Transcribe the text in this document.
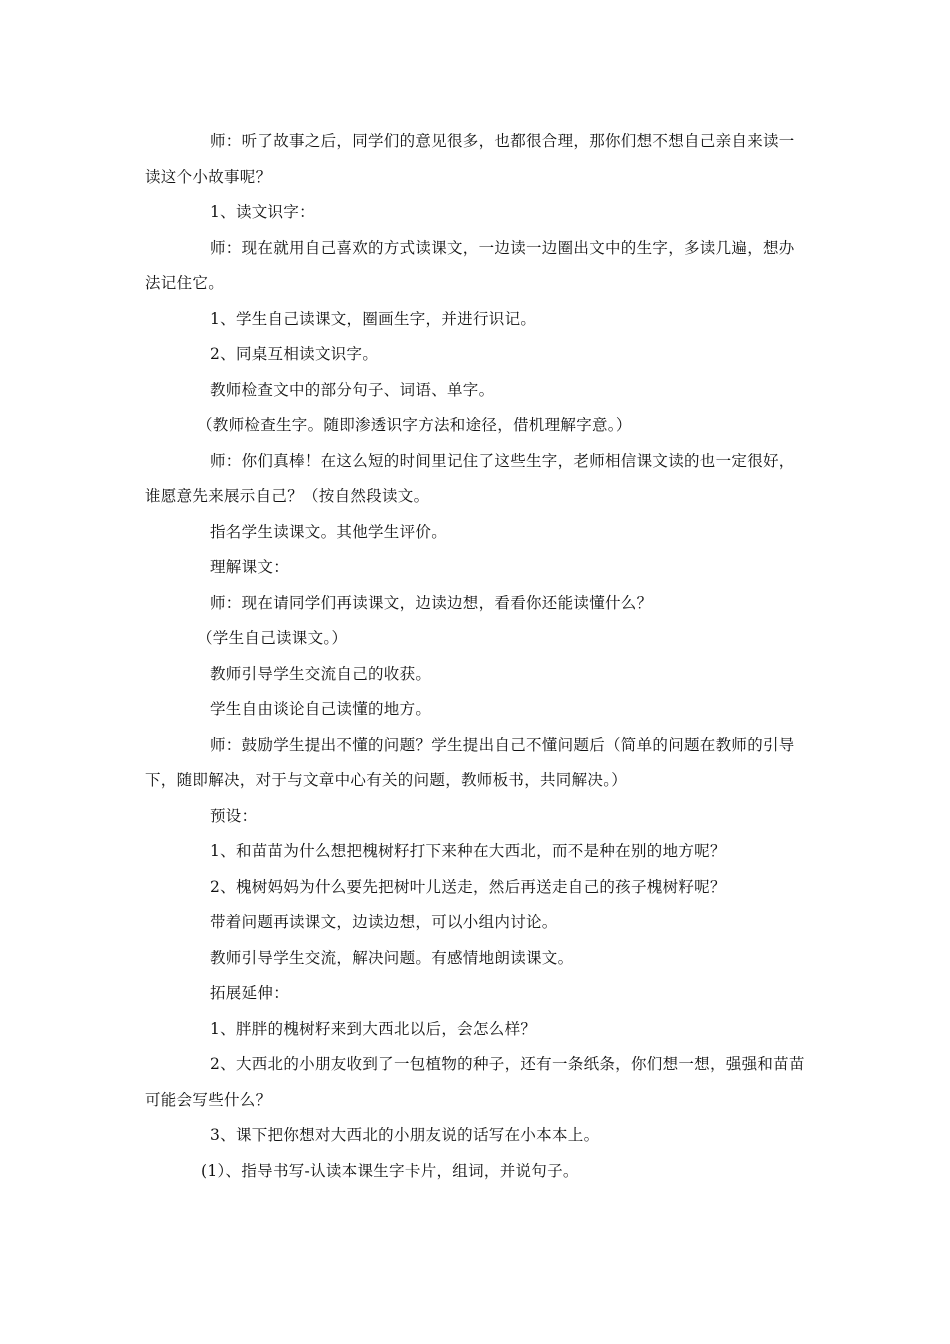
师：听了故事之后，同学们的意见很多，也都很合理，那你们想不想自己亲自来读一读这个小故事呢？

1、读文识字：

师：现在就用自己喜欢的方式读课文，一边读一边圈出文中的生字，多读几遍，想办法记住它。

1、学生自己读课文，圈画生字，并进行识记。

2、同桌互相读文识字。

教师检查文中的部分句子、词语、单字。

（教师检查生字。随即渗透识字方法和途径，借机理解字意。）

师：你们真棒！在这么短的时间里记住了这些生字，老师相信课文读的也一定很好，谁愿意先来展示自己？（按自然段读文。

指名学生读课文。其他学生评价。

理解课文：

师：现在请同学们再读课文，边读边想，看看你还能读懂什么？

（学生自己读课文。）

教师引导学生交流自己的收获。

学生自由谈论自己读懂的地方。

师：鼓励学生提出不懂的问题？学生提出自己不懂问题后（简单的问题在教师的引导下，随即解决，对于与文章中心有关的问题，教师板书，共同解决。）

预设：

1、和苗苗为什么想把槐树籽打下来种在大西北，而不是种在别的地方呢？

2、槐树妈妈为什么要先把树叶儿送走，然后再送走自己的孩子槐树籽呢？

带着问题再读课文，边读边想，可以小组内讨论。

教师引导学生交流，解决问题。有感情地朗读课文。

拓展延伸：

1、胖胖的槐树籽来到大西北以后，会怎么样？

2、大西北的小朋友收到了一包植物的种子，还有一条纸条，你们想一想，强强和苗苗可能会写些什么？

3、课下把你想对大西北的小朋友说的话写在小本本上。

(1）、指导书写-认读本课生字卡片，组词，并说句子。
